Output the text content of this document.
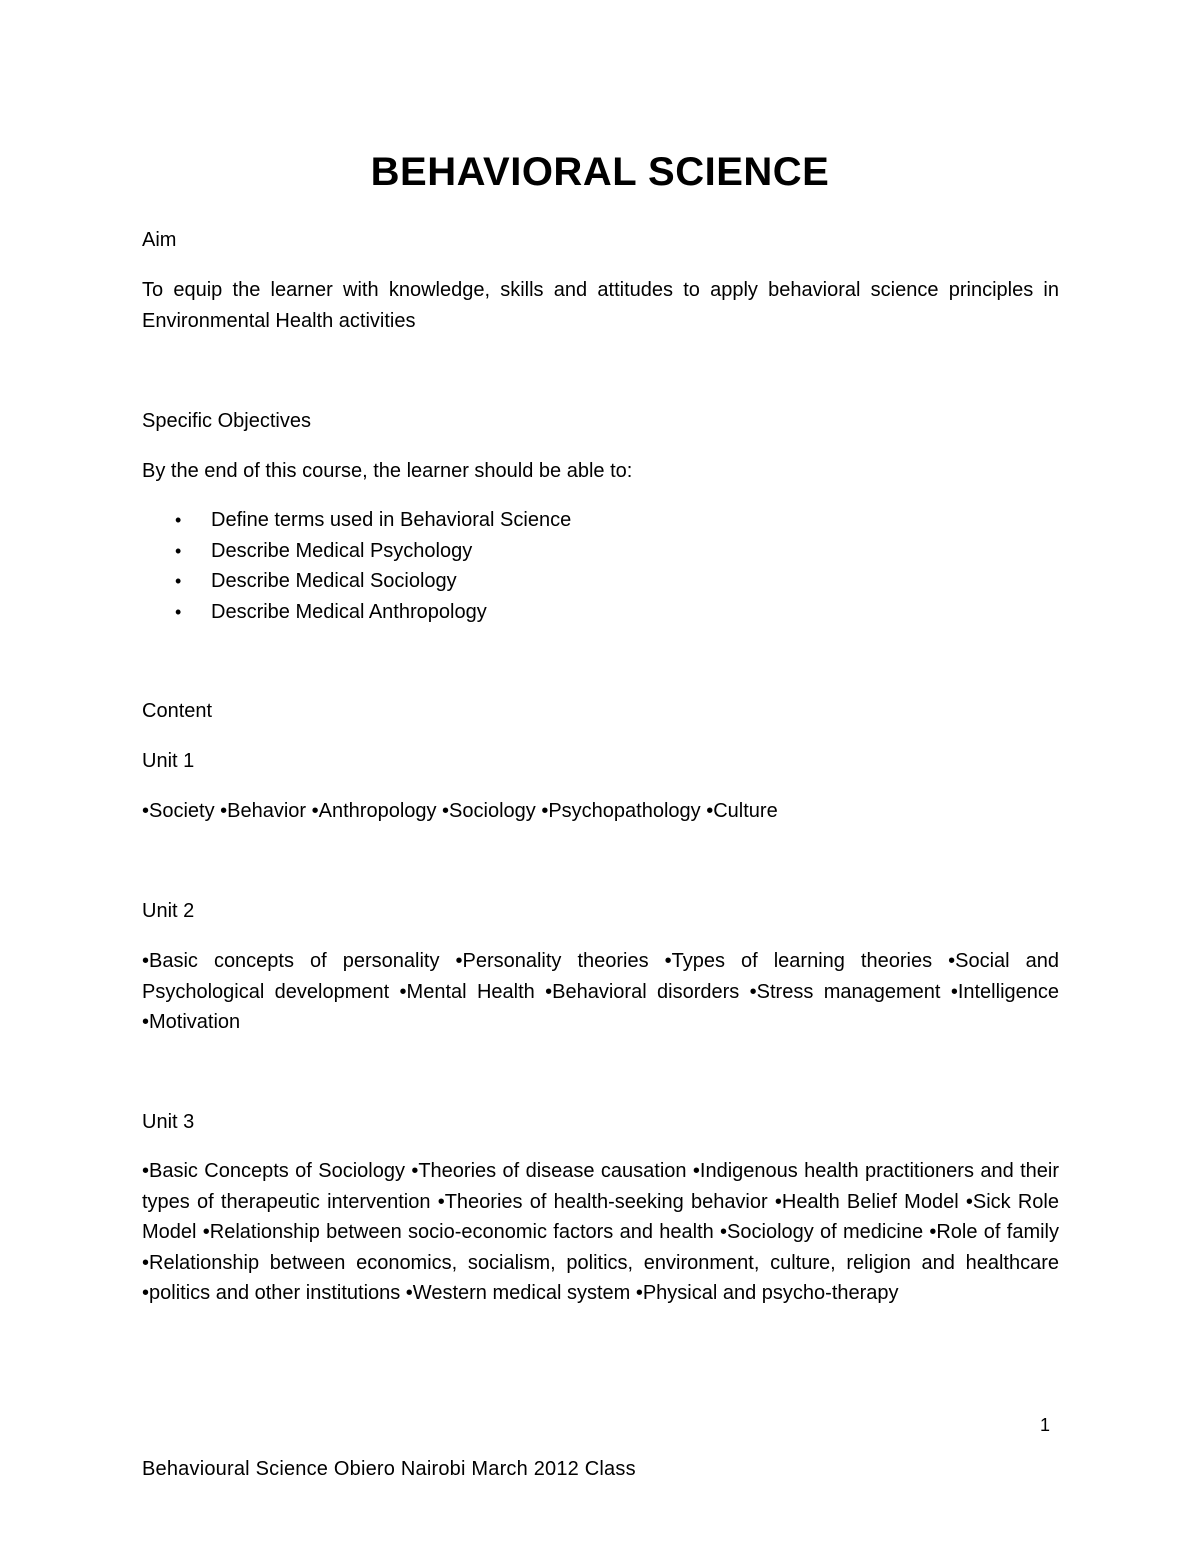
BEHAVIORAL SCIENCE
Aim
To equip the learner with knowledge, skills and attitudes to apply behavioral science principles in Environmental Health activities
Specific Objectives
By the end of this course, the learner should be able to:
• Define terms used in Behavioral Science
• Describe Medical Psychology
• Describe Medical Sociology
• Describe Medical Anthropology
Content
Unit 1
•Society •Behavior •Anthropology •Sociology •Psychopathology •Culture
Unit 2
•Basic concepts of personality •Personality theories •Types of learning theories •Social and Psychological development •Mental Health •Behavioral disorders •Stress management •Intelligence •Motivation
Unit 3
•Basic Concepts of Sociology •Theories of disease causation •Indigenous health practitioners and their types of therapeutic intervention •Theories of health-seeking behavior •Health Belief Model •Sick Role Model •Relationship between socio-economic factors and health •Sociology of medicine •Role of family •Relationship between economics, socialism, politics, environment, culture, religion and healthcare •politics and other institutions •Western medical system •Physical and psycho-therapy
1
Behavioural Science Obiero Nairobi March 2012 Class
